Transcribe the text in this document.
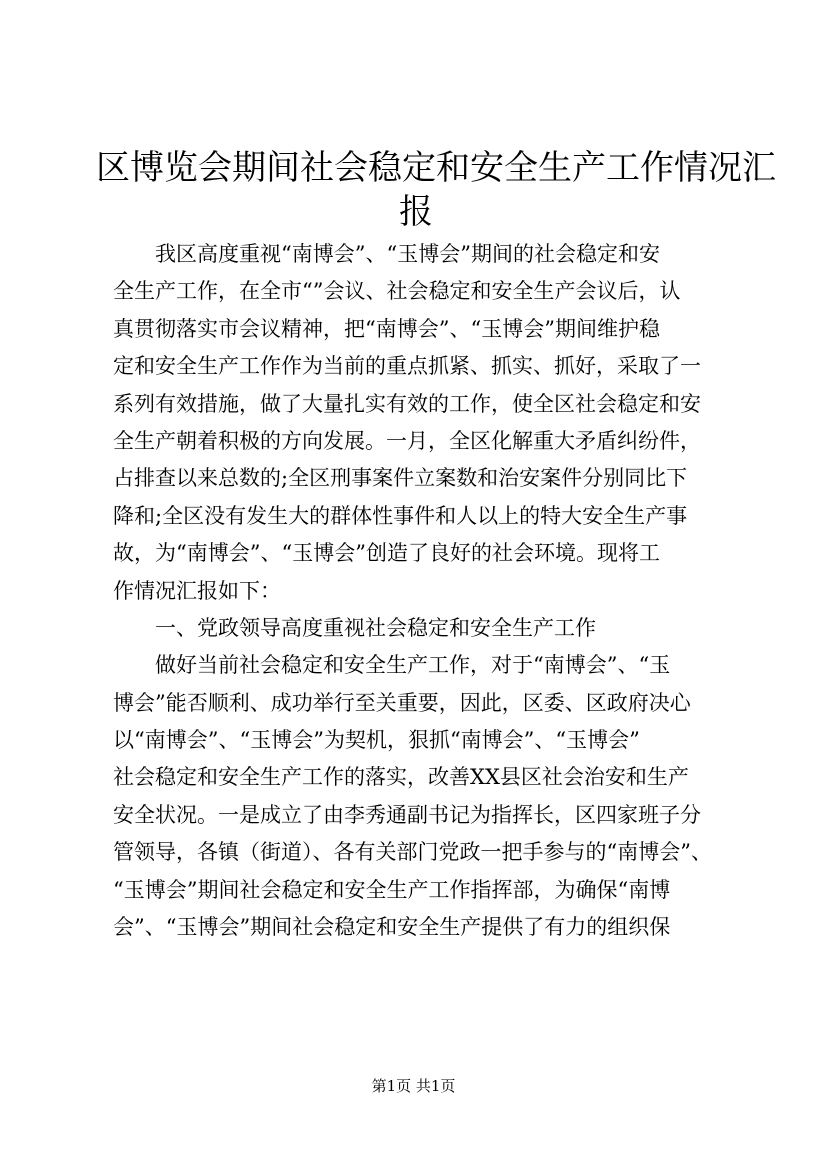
区博览会期间社会稳定和安全生产工作情况汇
报
我区高度重视“南博会”、“玉博会”期间的社会稳定和安
全生产工作，在全市“”会议、社会稳定和安全生产会议后，认
真贯彻落实市会议精神，把“南博会”、“玉博会”期间维护稳
定和安全生产工作作为当前的重点抓紧、抓实、抓好，采取了一
系列有效措施，做了大量扎实有效的工作，使全区社会稳定和安
全生产朝着积极的方向发展。一月，全区化解重大矛盾纠纷件，
占排查以来总数的;全区刑事案件立案数和治安案件分别同比下
降和;全区没有发生大的群体性事件和人以上的特大安全生产事
故，为“南博会”、“玉博会”创造了良好的社会环境。现将工
作情况汇报如下：
一、党政领导高度重视社会稳定和安全生产工作
做好当前社会稳定和安全生产工作，对于“南博会”、“玉
博会”能否顺利、成功举行至关重要，因此，区委、区政府决心
以“南博会”、“玉博会”为契机，狠抓“南博会”、“玉博会”
社会稳定和安全生产工作的落实，改善XX县区社会治安和生产
安全状况。一是成立了由李秀通副书记为指挥长，区四家班子分
管领导，各镇（街道）、各有关部门党政一把手参与的“南博会”、
“玉博会”期间社会稳定和安全生产工作指挥部，为确保“南博
会”、“玉博会”期间社会稳定和安全生产提供了有力的组织保
第1页 共1页
